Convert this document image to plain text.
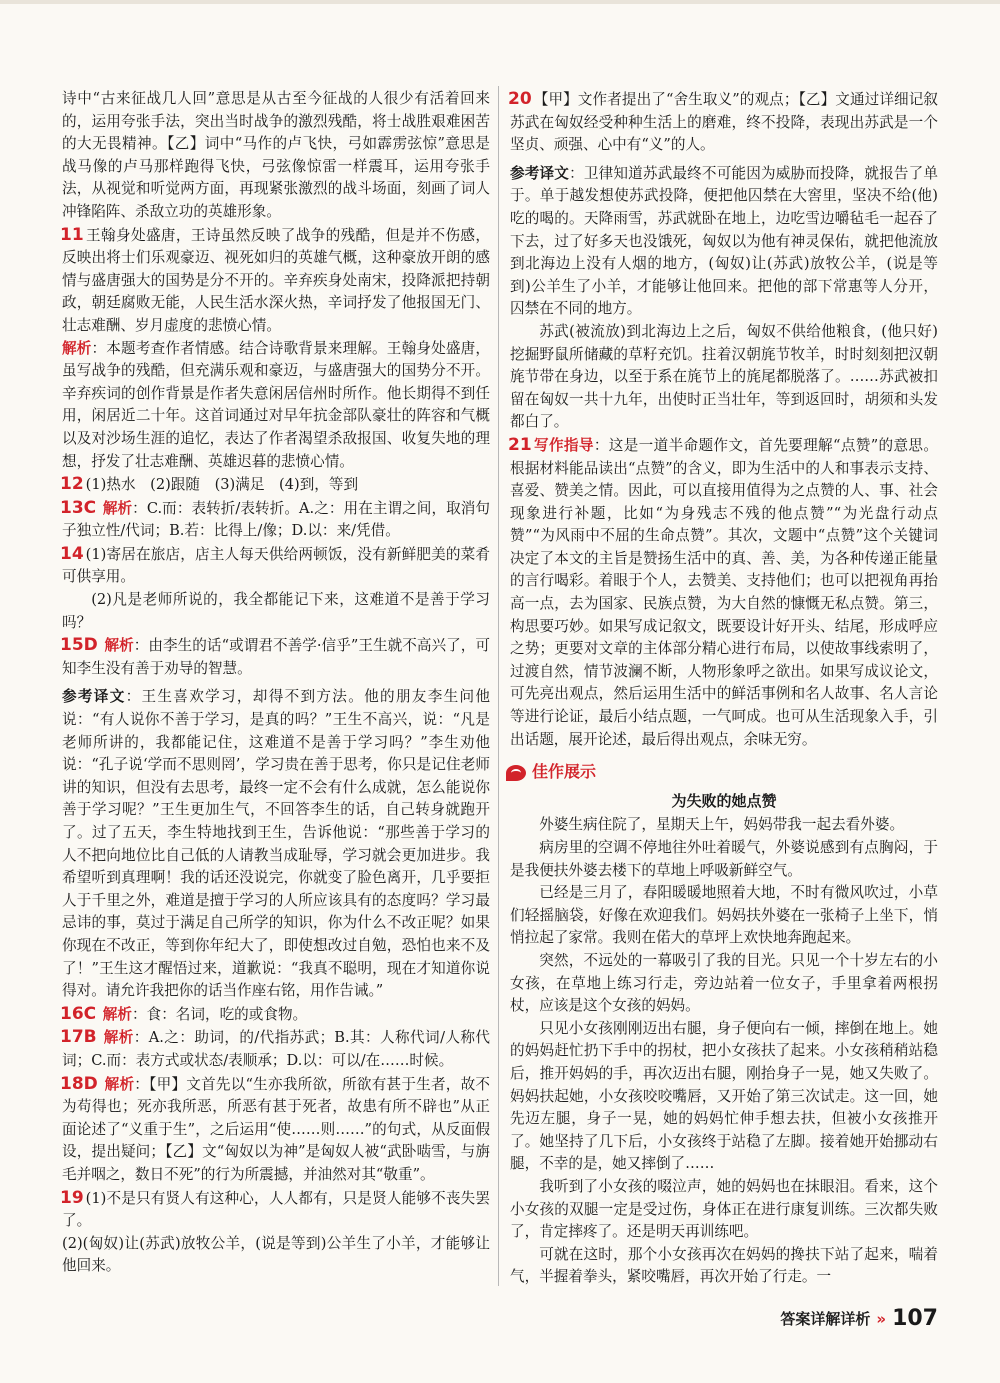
诗中“古来征战几人回”意思是从古至今征战的人很少有活着回来的，运用夸张手法，突出当时战争的激烈残酷，将士战胜艰难困苦的大无畏精神。【乙】词中“马作的卢飞快，弓如霹雳弦惊”意思是战马像的卢马那样跑得飞快，弓弦像惊雷一样震耳，运用夸张手法，从视觉和听觉两方面，再现紧张激烈的战斗场面，刻画了词人冲锋陷阵、杀敌立功的英雄形象。

11 王翰身处盛唐，王诗虽然反映了战争的残酷，但是并不伤感，反映出将士们乐观豪迈、视死如归的英雄气概，这种豪放开朗的感情与盛唐强大的国势是分不开的。辛弃疾身处南宋，投降派把持朝政，朝廷腐败无能，人民生活水深火热，辛词抒发了他报国无门、壮志难酬、岁月虚度的悲愤心情。

解析：本题考查作者情感。结合诗歌背景来理解。王翰身处盛唐，虽写战争的残酷，但充满乐观和豪迈，与盛唐强大的国势分不开。辛弃疾词的创作背景是作者失意闲居信州时所作。他长期得不到任用，闲居近二十年。这首词通过对早年抗金部队豪壮的阵容和气概以及对沙场生涯的追忆，表达了作者渴望杀敌报国、收复失地的理想，抒发了壮志难酬、英雄迟暮的悲愤心情。

12 (1)热水　(2)跟随　(3)满足　(4)到，等到

13C 解析：C.而：表转折/表转折。A.之：用在主谓之间，取消句子独立性/代词；B.若：比得上/像；D.以：来/凭借。

14 (1)寄居在旅店，店主人每天供给两顿饭，没有新鲜肥美的菜肴可供享用。

(2)凡是老师所说的，我全都能记下来，这难道不是善于学习吗？

15D 解析：由李生的话“或谓君不善学·信乎”王生就不高兴了，可知李生没有善于劝导的智慧。

参考译文：王生喜欢学习，却得不到方法。他的朋友李生问他说：“有人说你不善于学习，是真的吗？”王生不高兴，说：“凡是老师所讲的，我都能记住，这难道不是善于学习吗？”李生劝他说：“孔子说‘学而不思则罔’，学习贵在善于思考，你只是记住老师讲的知识，但没有去思考，最终一定不会有什么成就，怎么能说你善于学习呢？”王生更加生气，不回答李生的话，自己转身就跑开了。过了五天，李生特地找到王生，告诉他说：“那些善于学习的人不把向地位比自己低的人请教当成耻辱，学习就会更加进步。我希望听到真理啊！我的话还没说完，你就变了脸色离开，几乎要拒人于千里之外，难道是擅于学习的人所应该具有的态度吗？学习最忌讳的事，莫过于满足自己所学的知识，你为什么不改正呢？如果你现在不改正，等到你年纪大了，即使想改过自勉，恐怕也来不及了！”王生这才醒悟过来，道歉说：“我真不聪明，现在才知道你说得对。请允许我把你的话当作座右铭，用作告诫。”

16C 解析：食：名词，吃的或食物。

17B 解析：A.之：助词，的/代指苏武；B.其：人称代词/人称代词；C.而：表方式或状态/表顺承；D.以：可以/在……时候。

18D 解析：【甲】文首先以“生亦我所欲，所欲有甚于生者，故不为苟得也；死亦我所恶，所恶有甚于死者，故患有所不辟也”从正面论述了“义重于生”，之后运用“使……则……”的句式，从反面假设，提出疑问；【乙】文“匈奴以为神”是匈奴人被“武卧啮雪，与旃毛并咽之，数日不死”的行为所震撼，并油然对其“敬重”。

19 (1)不是只有贤人有这种心，人人都有，只是贤人能够不丧失罢了。

(2)(匈奴)让(苏武)放牧公羊，(说是等到)公羊生了小羊，才能够让他回来。

20 【甲】文作者提出了“舍生取义”的观点；【乙】文通过详细记叙苏武在匈奴经受种种生活上的磨难，终不投降，表现出苏武是一个坚贞、顽强、心中有“义”的人。

参考译文：卫律知道苏武最终不可能因为威胁而投降，就报告了单于。单于越发想使苏武投降，便把他囚禁在大窖里，坚决不给(他)吃的喝的。天降雨雪，苏武就卧在地上，边吃雪边嚼毡毛一起吞了下去，过了好多天也没饿死，匈奴以为他有神灵保佑，就把他流放到北海边上没有人烟的地方，(匈奴)让(苏武)放牧公羊，(说是等到)公羊生了小羊，才能够让他回来。把他的部下常惠等人分开，囚禁在不同的地方。

苏武(被流放)到北海边上之后，匈奴不供给他粮食，(他只好)挖掘野鼠所储藏的草籽充饥。拄着汉朝旄节牧羊，时时刻刻把汉朝旄节带在身边，以至于系在旄节上的旄尾都脱落了。……苏武被扣留在匈奴一共十九年，出使时正当壮年，等到返回时，胡须和头发都白了。

21 写作指导：这是一道半命题作文，首先要理解“点赞”的意思。根据材料能品读出“点赞”的含义，即为生活中的人和事表示支持、喜爱、赞美之情。因此，可以直接用值得为之点赞的人、事、社会现象进行补题，比如“为身残志不残的他点赞”“为光盘行动点赞”“为风雨中不屈的生命点赞”。其次，文题中“点赞”这个关键词决定了本文的主旨是赞扬生活中的真、善、美，为各种传递正能量的言行喝彩。着眼于个人，去赞美、支持他们；也可以把视角再抬高一点，去为国家、民族点赞，为大自然的慷慨无私点赞。第三，构思要巧妙。如果写成记叙文，既要设计好开头、结尾，形成呼应之势；更要对文章的主体部分精心进行布局，以使故事线索明了，过渡自然，情节波澜不断，人物形象呼之欲出。如果写成议论文，可先亮出观点，然后运用生活中的鲜活事例和名人故事、名人言论等进行论证，最后小结点题，一气呵成。也可从生活现象入手，引出话题，展开论述，最后得出观点，余味无穷。

佳作展示
为失败的她点赞

外婆生病住院了，星期天上午，妈妈带我一起去看外婆。

病房里的空调不停地往外吐着暖气，外婆说感到有点胸闷，于是我便扶外婆去楼下的草地上呼吸新鲜空气。

已经是三月了，春阳暖暖地照着大地，不时有微风吹过，小草们轻摇脑袋，好像在欢迎我们。妈妈扶外婆在一张椅子上坐下，悄悄拉起了家常。我则在偌大的草坪上欢快地奔跑起来。

突然，不远处的一幕吸引了我的目光。只见一个十岁左右的小女孩，在草地上练习行走，旁边站着一位女子，手里拿着两根拐杖，应该是这个女孩的妈妈。

只见小女孩刚刚迈出右腿，身子便向右一倾，摔倒在地上。她的妈妈赶忙扔下手中的拐杖，把小女孩扶了起来。小女孩稍稍站稳后，推开妈妈的手，再次迈出右腿，刚抬身子一晃，她又失败了。妈妈扶起她，小女孩咬咬嘴唇，又开始了第三次试走。这一回，她先迈左腿，身子一晃，她的妈妈忙伸手想去扶，但被小女孩推开了。她坚持了几下后，小女孩终于站稳了左脚。接着她开始挪动右腿，不幸的是，她又摔倒了……

我听到了小女孩的啜泣声，她的妈妈也在抹眼泪。看来，这个小女孩的双腿一定是受过伤，身体正在进行康复训练。三次都失败了，肯定摔疼了。还是明天再训练吧。

可就在这时，那个小女孩再次在妈妈的搀扶下站了起来，喘着气，半握着拳头，紧咬嘴唇，再次开始了行走。一

答案详解详析 » 107
